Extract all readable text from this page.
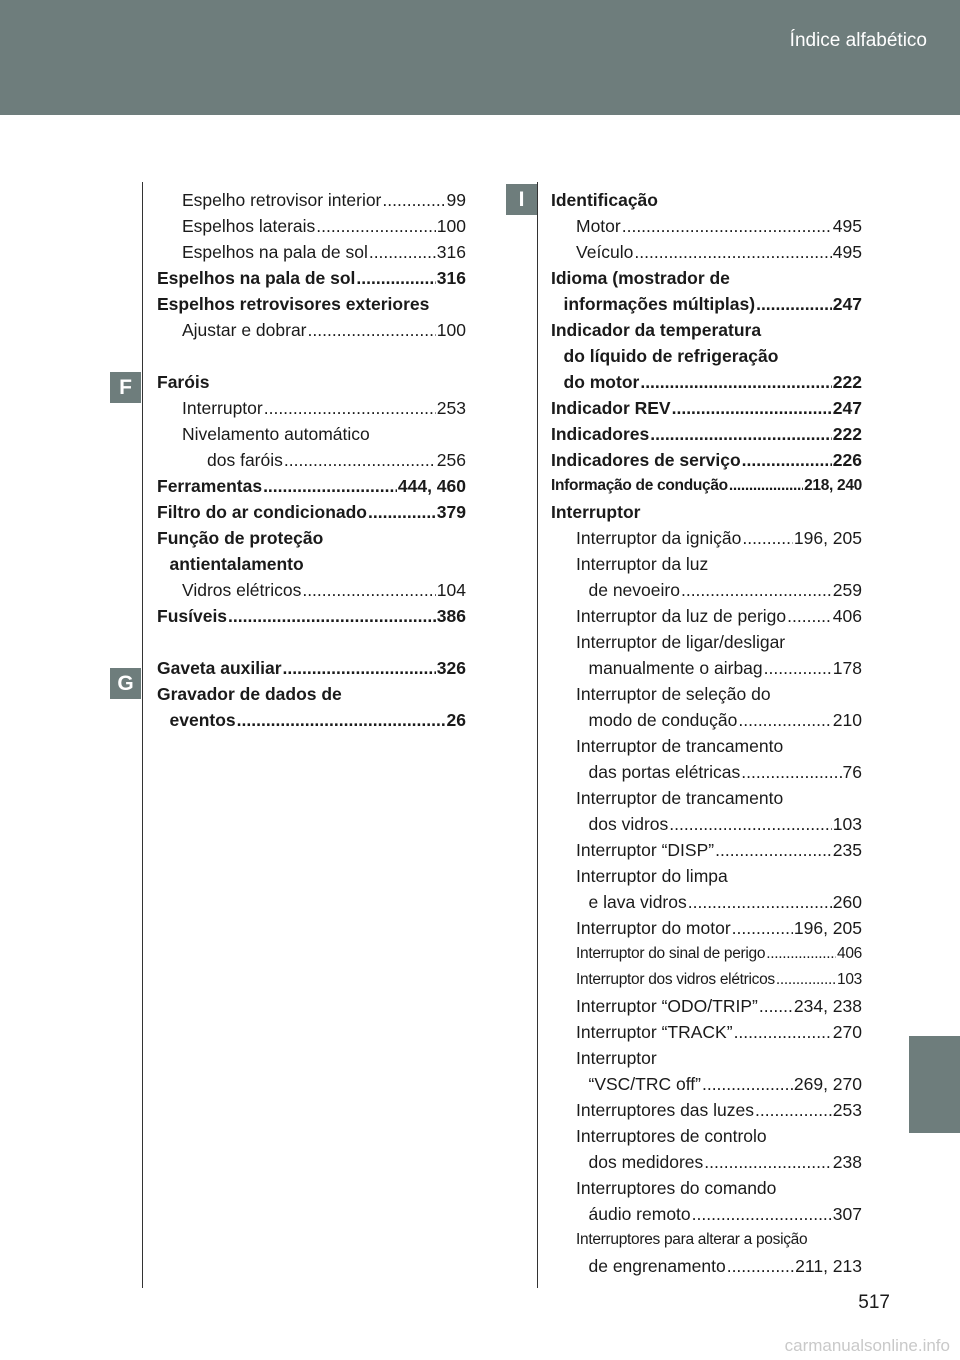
Índice alfabético
F
G
I
Espelho retrovisor interior .....	99
Espelhos laterais .....	100
Espelhos na pala de sol .....	316
Espelhos na pala de sol .....	316
Espelhos retrovisores exteriores
Ajustar e dobrar .....	100
Faróis
Interruptor .....	253
Nivelamento automático
dos faróis .....	256
Ferramentas .....	444, 460
Filtro do ar condicionado .....	379
Função de proteção
antientalamento
Vidros elétricos .....	104
Fusíveis .....	386
Gaveta auxiliar .....	326
Gravador de dados de
eventos .....	26
Identificação
Motor .....	495
Veículo .....	495
Idioma (mostrador de
informações múltiplas) .....	247
Indicador da temperatura
do líquido de refrigeração
do motor .....	222
Indicador REV .....	247
Indicadores .....	222
Indicadores de serviço .....	226
Informação de condução .....	218, 240
Interruptor
Interruptor da ignição .....	196, 205
Interruptor da luz
de nevoeiro .....	259
Interruptor da luz de perigo .....	406
Interruptor de ligar/desligar
manualmente o airbag .....	178
Interruptor de seleção do
modo de condução .....	210
Interruptor de trancamento
das portas elétricas .....	76
Interruptor de trancamento
dos vidros .....	103
Interruptor “DISP” .....	235
Interruptor do limpa
e lava vidros .....	260
Interruptor do motor .....	196, 205
Interruptor do sinal de perigo .....	406
Interruptor dos vidros elétricos .....	103
Interruptor “ODO/TRIP” ..... 234, 238
Interruptor “TRACK” .....	270
Interruptor
“VSC/TRC off” .....	269, 270
Interruptores das luzes .....	253
Interruptores de controlo
dos medidores .....	238
Interruptores do comando
áudio remoto .....	307
Interruptores para alterar a posição
de engrenamento .....	211, 213
517
carmanualsonline.info
